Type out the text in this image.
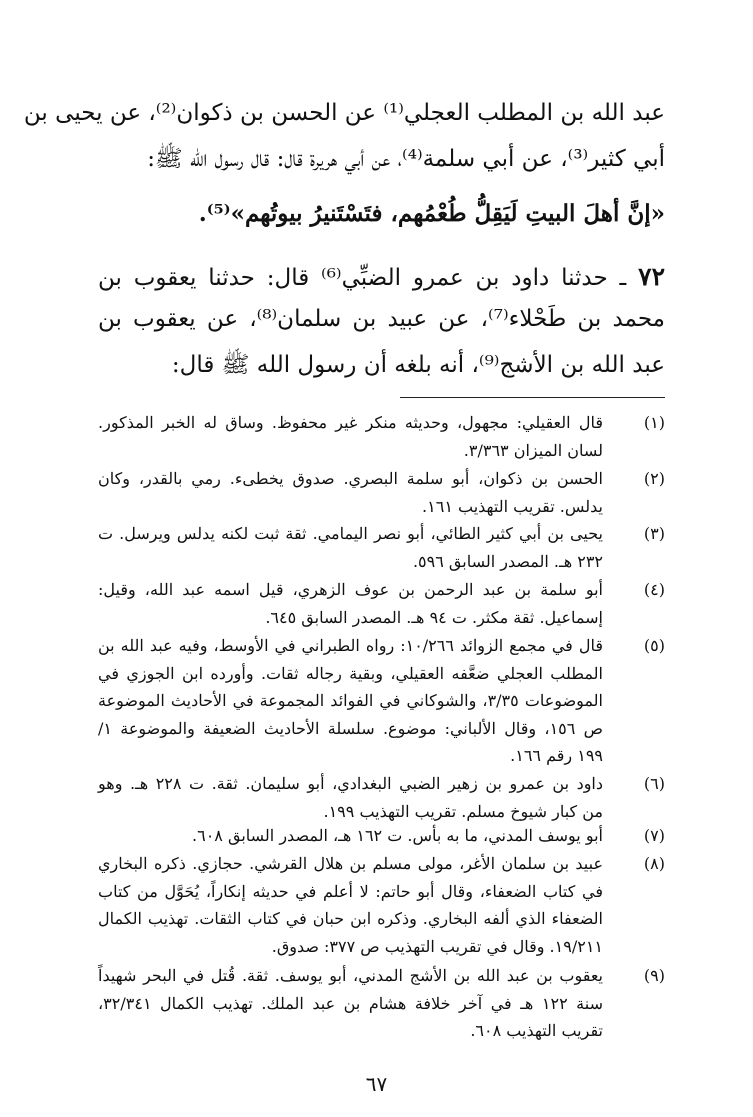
عبد الله بن المطلب العجلي⁽¹⁾ عن الحسن بن ذكوان⁽²⁾، عن يحيى بن
أبي كثير⁽³⁾، عن أبي سلمة⁽⁴⁾، عن أبي هريرة قال: قال رسول الله ﷺ:
«إنَّ أهلَ البيتِ لَيَقِلُّ طُعْمُهم، فتَسْتَنيرُ بيوتُهم»⁽⁵⁾.
٧٢ ـ حدثنا داود بن عمرو الضبِّي⁽⁶⁾ قال: حدثنا يعقوب بن
محمد بن طَحْلاء⁽⁷⁾، عن عبيد بن سلمان⁽⁸⁾، عن يعقوب بن
عبد الله بن الأشج⁽⁹⁾، أنه بلغه أن رسول الله ﷺ قال:
(١)
قال العقيلي: مجهول، وحديثه منكر غير محفوظ. وساق له الخبر المذكور.
لسان الميزان ٣/٣٦٣.
(٢)
الحسن بن ذكوان، أبو سلمة البصري. صدوق يخطىء. رمي بالقدر، وكان
يدلس. تقريب التهذيب ١٦١.
(٣)
يحيى بن أبي كثير الطائي، أبو نصر اليمامي. ثقة ثبت لكنه يدلس ويرسل. ت
٢٣٢ هـ. المصدر السابق ٥٩٦.
(٤)
أبو سلمة بن عبد الرحمن بن عوف الزهري، قيل اسمه عبد الله، وقيل:
إسماعيل. ثقة مكثر. ت ٩٤ هـ. المصدر السابق ٦٤٥.
(٥)
قال في مجمع الزوائد ١٠/٢٦٦: رواه الطبراني في الأوسط، وفيه عبد الله بن
المطلب العجلي ضعَّفه العقيلي، وبقية رجاله ثقات. وأورده ابن الجوزي في
الموضوعات ٣/٣٥، والشوكاني في الفوائد المجموعة في الأحاديث الموضوعة
ص ١٥٦، وقال الألباني: موضوع. سلسلة الأحاديث الضعيفة والموضوعة ١/
١٩٩ رقم ١٦٦.
(٦)
داود بن عمرو بن زهير الضبي البغدادي، أبو سليمان. ثقة. ت ٢٢٨ هـ. وهو
من كبار شيوخ مسلم. تقريب التهذيب ١٩٩.
(٧)
أبو يوسف المدني، ما به بأس. ت ١٦٢ هـ، المصدر السابق ٦٠٨.
(٨)
عبيد بن سلمان الأغر، مولى مسلم بن هلال القرشي. حجازي. ذكره البخاري
في كتاب الضعفاء، وقال أبو حاتم: لا أعلم في حديثه إنكاراً، يُحَوَّل من كتاب
الضعفاء الذي ألفه البخاري. وذكره ابن حبان في كتاب الثقات. تهذيب الكمال
١٩/٢١١. وقال في تقريب التهذيب ص ٣٧٧: صدوق.
(٩)
يعقوب بن عبد الله بن الأشج المدني، أبو يوسف. ثقة. قُتل في البحر شهيداً
سنة ١٢٢ هـ في آخر خلافة هشام بن عبد الملك. تهذيب الكمال ٣٢/٣٤١،
تقريب التهذيب ٦٠٨.
٦٧
